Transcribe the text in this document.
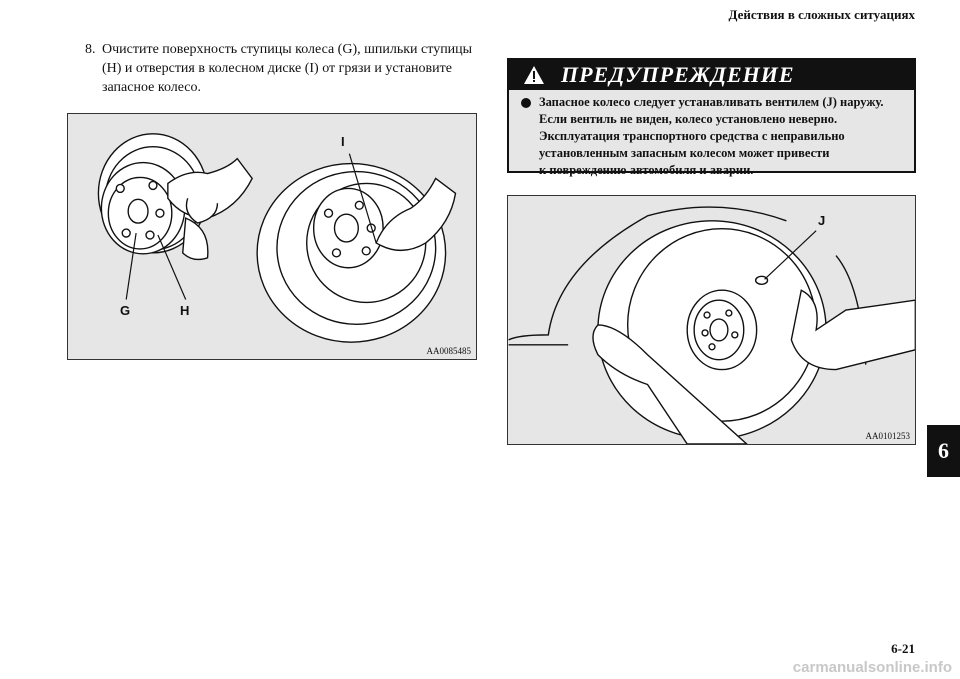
Действия в сложных ситуациях
8. Очистите поверхность ступицы колеса (G), шпильки ступицы (H) и отверстия в колесном диске (I) от грязи и установите запасное колесо.
G	H
I
AA0085485
ПРЕДУПРЕЖДЕНИЕ
Запасное колесо следует устанавливать вентилем (J) наружу.
Если вентиль не виден, колесо установлено неверно.
Эксплуатация транспортного средства с неправильно
установленным запасным колесом может привести
к повреждению автомобиля и аварии.
J
AA0101253
6
6-21
carmanualsonline.info
